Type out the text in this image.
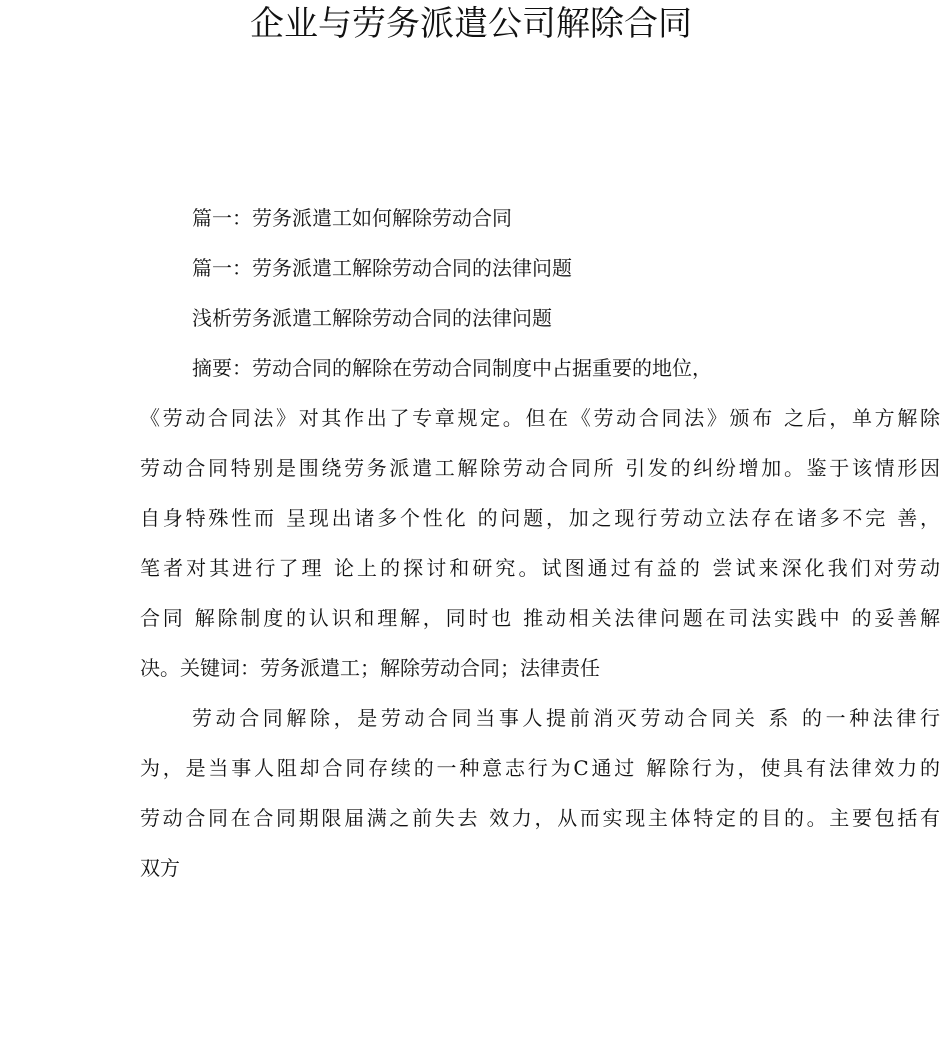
企业与劳务派遣公司解除合同

篇一：劳务派遣工如何解除劳动合同

篇一：劳务派遣工解除劳动合同的法律问题

浅析劳务派遣工解除劳动合同的法律问题

摘要：劳动合同的解除在劳动合同制度中占据重要的地位，

《劳动合同法》对其作出了专章规定。但在《劳动合同法》颁布 之后，单方解除

劳动合同特别是围绕劳务派遣工解除劳动合同所 引发的纠纷增加。鉴于该情形因

自身特殊性而 呈现出诸多个性化 的问题，加之现行劳动立法存在诸多不完 善，

笔者对其进行了理 论上的探讨和研究。试图通过有益的 尝试来深化我们对劳动

合同 解除制度的认识和理解，同时也 推动相关法律问题在司法实践中 的妥善解

决。关键词：劳务派遣工；解除劳动合同；法律责任

劳动合同解除，是劳动合同当事人提前消灭劳动合同关 系 的一种法律行

为，是当事人阻却合同存续的一种意志行为C通过 解除行为，使具有法律效力的

劳动合同在合同期限届满之前失去 效力，从而实现主体特定的目的。主要包括有

双方
